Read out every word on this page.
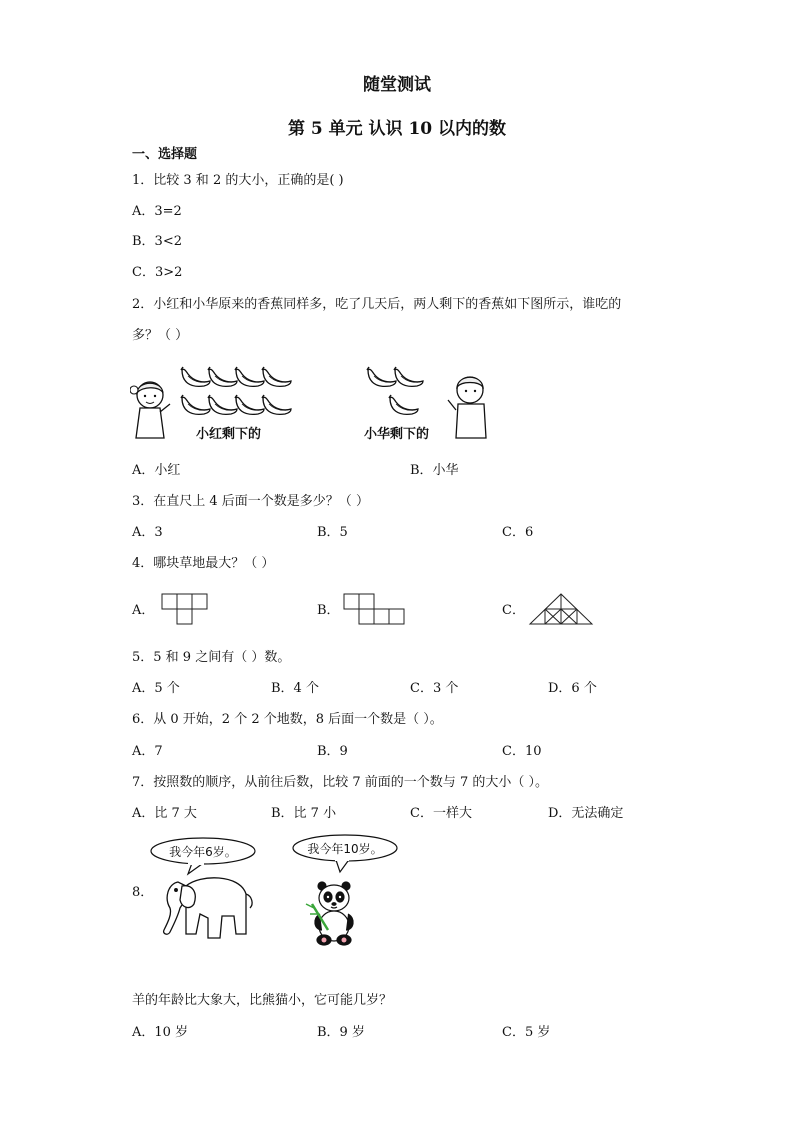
随堂测试
第 5 单元 认识 10 以内的数
一、选择题
1．比较 3 和 2 的大小，正确的是( )
A．3=2
B．3<2
C．3>2
2．小红和小华原来的香蕉同样多，吃了几天后，两人剩下的香蕉如下图所示，谁吃的
多？（ ）
小红剩下的	小华剩下的
A．小红	B．小华
3．在直尺上 4 后面一个数是多少？（ ）
A．3	B．5	C．6
4．哪块草地最大？（ ）
A．	B．	C．
5．5 和 9 之间有（ ）数。
A．5 个	B．4 个	C．3 个	D．6 个
6．从 0 开始，2 个 2 个地数，8 后面一个数是（ ）。
A．7	B．9	C．10
7．按照数的顺序，从前往后数，比较 7 前面的一个数与 7 的大小（ ）。
A．比 7 大	B．比 7 小	C．一样大	D．无法确定
8．
我今年6岁。	我今年10岁。
羊的年龄比大象大，比熊猫小，它可能几岁？
A．10 岁	B．9 岁	C．5 岁
